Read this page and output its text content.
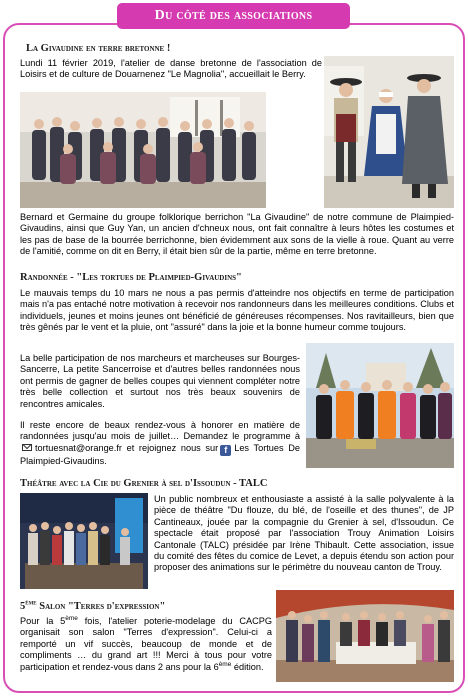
Du côté des associations
La Givaudine en terre bretonne !
Lundi 11 février 2019, l'atelier de danse bretonne de l'association de Loisirs et de culture de Douarnenez "Le Magnolia", accueillait le Berry.
Bernard et Germaine du groupe folklorique berrichon "La Givaudine" de notre commune de Plaimpied-Givaudins, ainsi que Guy Yan, un ancien d'chneux nous, ont fait connaître à leurs hôtes les costumes et les pas de base de la bourrée berrichonne, bien évidemment aux sons de la vielle à roue. Quant au verre de l'amitié, comme on dit en Berry, il était bien sûr de la partie, même en terre bretonne.
Randonnée - "Les tortues de Plaimpied-Givaudins"
Le mauvais temps du 10 mars ne nous a pas permis d'atteindre nos objectifs en terme de participation mais n'a pas entaché notre motivation à recevoir nos randonneurs dans les meilleures conditions. Clubs et individuels, jeunes et moins jeunes ont bénéficié de généreuses récompenses. Nos ravitailleurs, bien que très gênés par le vent et la pluie, ont "assuré" dans la joie et la bonne humeur comme toujours.
La belle participation de nos marcheurs et marcheuses sur Bourges-Sancerre, La petite Sancerroise et d'autres belles randonnées nous ont permis de gagner de belles coupes qui viennent compléter notre très belle collection et surtout nos très beaux souvenirs de rencontres amicales.
Il reste encore de beaux rendez-vous à honorer en matière de randonnées jusqu'au mois de juillet… Demandez le programme àtortuesnat@orange.fr et rejoignez nous sur f Les Tortues De Plaimpied-Givaudins.
Théâtre avec la Cie du Grenier à sel d'Issoudun - TALC
Un public nombreux et enthousiaste a assisté à la salle polyvalente à la pièce de théâtre "Du flouze, du blé, de l'oseille et des thunes", de JP Cantineaux, jouée par la compagnie du Grenier à sel, d'Issoudun. Ce spectacle était proposé par l'association Trouy Animation Loisirs Cantonale (TALC) présidée par Irène Thibault. Cette association, issue du comité des fêtes du comice de Levet, a depuis étendu son action pour proposer des animations sur le périmètre du nouveau canton de Trouy.
5ème Salon "Terres d'expression"
Pour la 5ème fois, l'atelier poterie-modelage du CACPG organisait son salon "Terres d'expression". Celui-ci a remporté un vif succès, beaucoup de monde et de compliments … du grand art !!! Merci à tous pour votre participation et rendez-vous dans 2 ans pour la 6ème édition.
